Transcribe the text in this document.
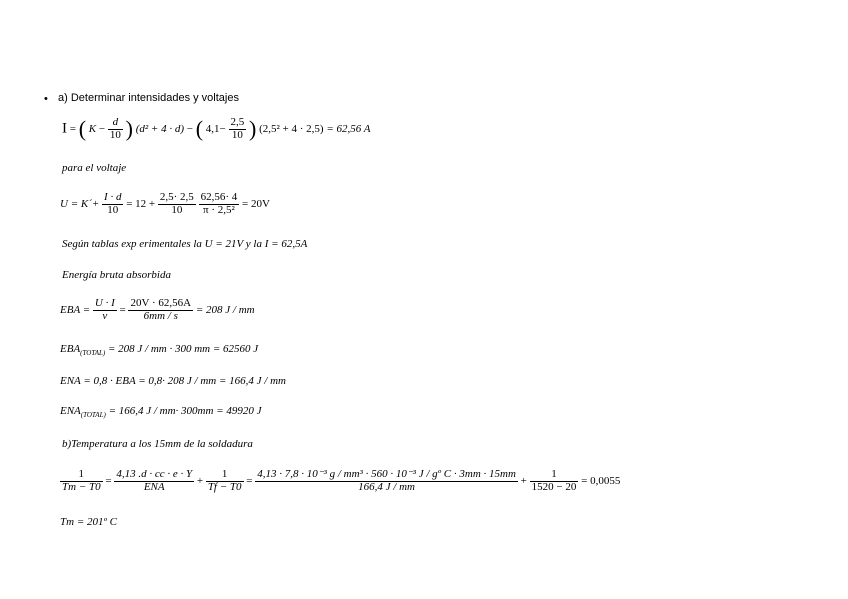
• a) Determinar intensidades y voltajes
I = ( $K - \frac{d}{10}$ ) (d² + 4 · d) − ( $4,1- \frac{2,5}{10}$ ) (2,5² + 4 · 2,5) = 62,56 A
para el voltaje
U = K´+ $\frac{I \cdot d}{10} = 12 + \frac{2,5\cdot 2,5}{10}$
$\frac{62,56\cdot 4}{\text{π · 2,5²}} = 20V$
Según tablas exp erimentales la U = 21V y la I = 62,5A
Energía bruta absorbida
EBA = $\frac{U \cdot I}{v} = \frac{20V \cdot 62,56A}{6mm / s} = 208$ J / mm
$EBA_{(TOTAL)} = 208$ J / mm · 300 mm = 62560 J
ENA = 0,8 · EBA = 0,8· 208 J / mm = 166,4 J / mm
$ENA_{(TOTAL)} = 166,4$ J / mm· 300mm = 49920 J
b)Temperatura a los 15mm de la soldadura
$\frac{1}{Tm - T0} = \frac{4,13 .d \cdot cc \cdot e \cdot Y}{\text{ENA}} + \frac{1}{Tf - T0} = \frac{\text{4,13 · 7,8 · 10⁻³ g / mm³ · 560 · 10⁻³ J / gº C · 3mm · 15mm}}{166,4 J / mm} + \frac{1}{1520 - 20} = 0,0055$
Tm = 201º C
